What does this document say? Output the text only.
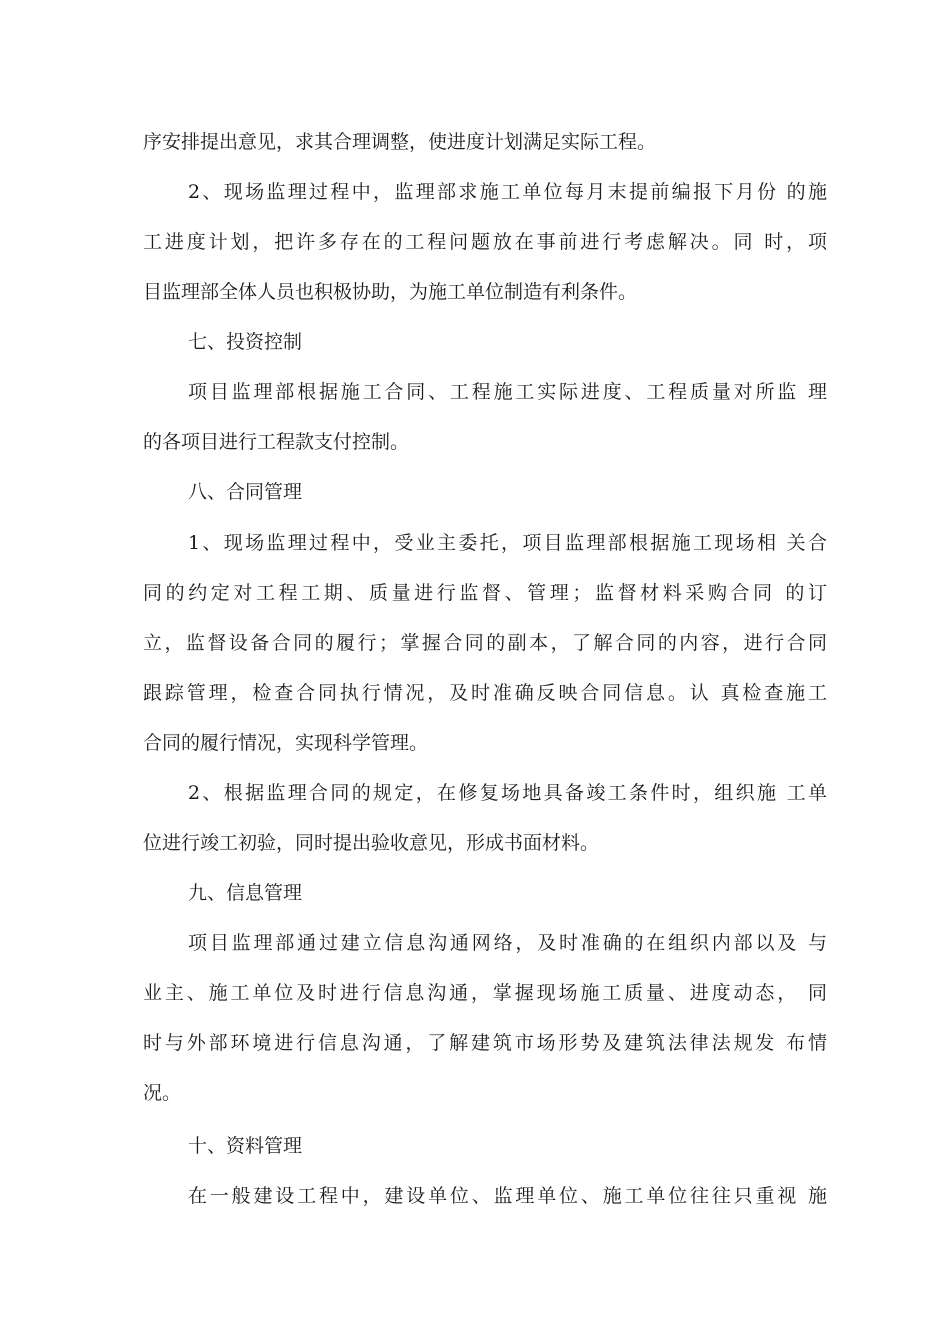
序安排提出意见，求其合理调整，使进度计划满足实际工程。
2、现场监理过程中，监理部求施工单位每月末提前编报下月份 的施
工进度计划，把许多存在的工程问题放在事前进行考虑解决。同 时，项
目监理部全体人员也积极协助，为施工单位制造有利条件。
七、投资控制
项目监理部根据施工合同、工程施工实际进度、工程质量对所监 理
的各项目进行工程款支付控制。
八、合同管理
1、现场监理过程中，受业主委托，项目监理部根据施工现场相 关合
同的约定对工程工期、质量进行监督、管理；监督材料采购合同 的订
立，监督设备合同的履行；掌握合同的副本，了解合同的内容，进行合同
跟踪管理，检查合同执行情况，及时准确反映合同信息。认 真检查施工
合同的履行情况，实现科学管理。
2、根据监理合同的规定，在修复场地具备竣工条件时，组织施 工单
位进行竣工初验，同时提出验收意见，形成书面材料。
九、信息管理
项目监理部通过建立信息沟通网络，及时准确的在组织内部以及 与
业主、施工单位及时进行信息沟通，掌握现场施工质量、进度动态， 同
时与外部环境进行信息沟通，了解建筑市场形势及建筑法律法规发 布情
况。
十、资料管理
在一般建设工程中，建设单位、监理单位、施工单位往往只重视 施
